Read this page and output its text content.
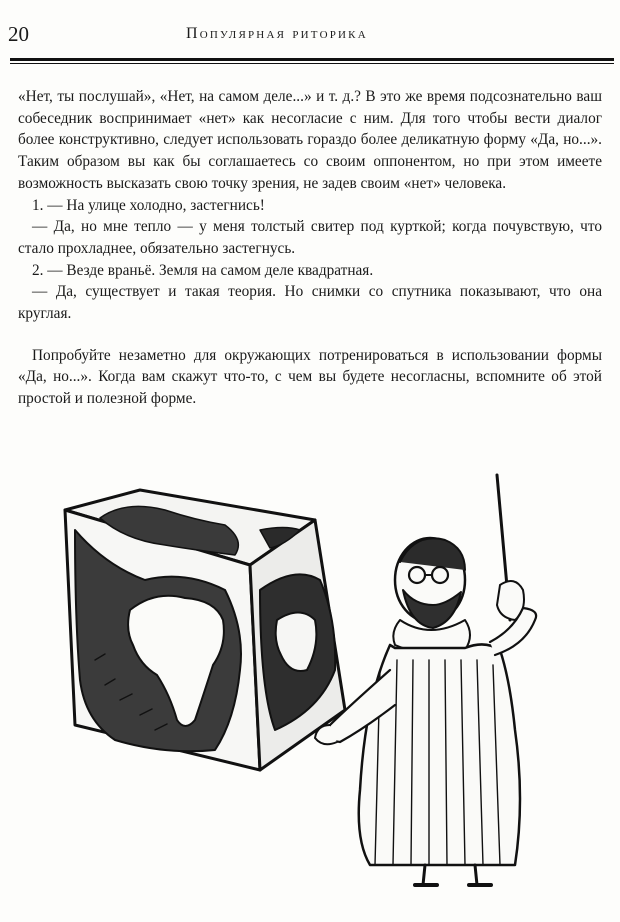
20	Популярная риторика

«Нет, ты послушай», «Нет, на самом деле...» и т. д.? В это же время подсознательно ваш собеседник воспринимает «нет» как несогласие с ним. Для того чтобы вести диалог более конструктивно, следует использовать гораздо более деликатную форму «Да, но...». Таким образом вы как бы соглашаетесь со своим оппонентом, но при этом имеете возможность высказать свою точку зрения, не задев своим «нет» человека.

1. — На улице холодно, застегнись!

— Да, но мне тепло — у меня толстый свитер под курткой; когда почувствую, что стало прохладнее, обязательно застегнусь.

2. — Везде враньё. Земля на самом деле квадратная.

— Да, существует и такая теория. Но снимки со спутника показывают, что она круглая.

Попробуйте незаметно для окружающих потренироваться в использовании формы «Да, но...». Когда вам скажут что-то, с чем вы будете несогласны, вспомните об этой простой и полезной форме.
